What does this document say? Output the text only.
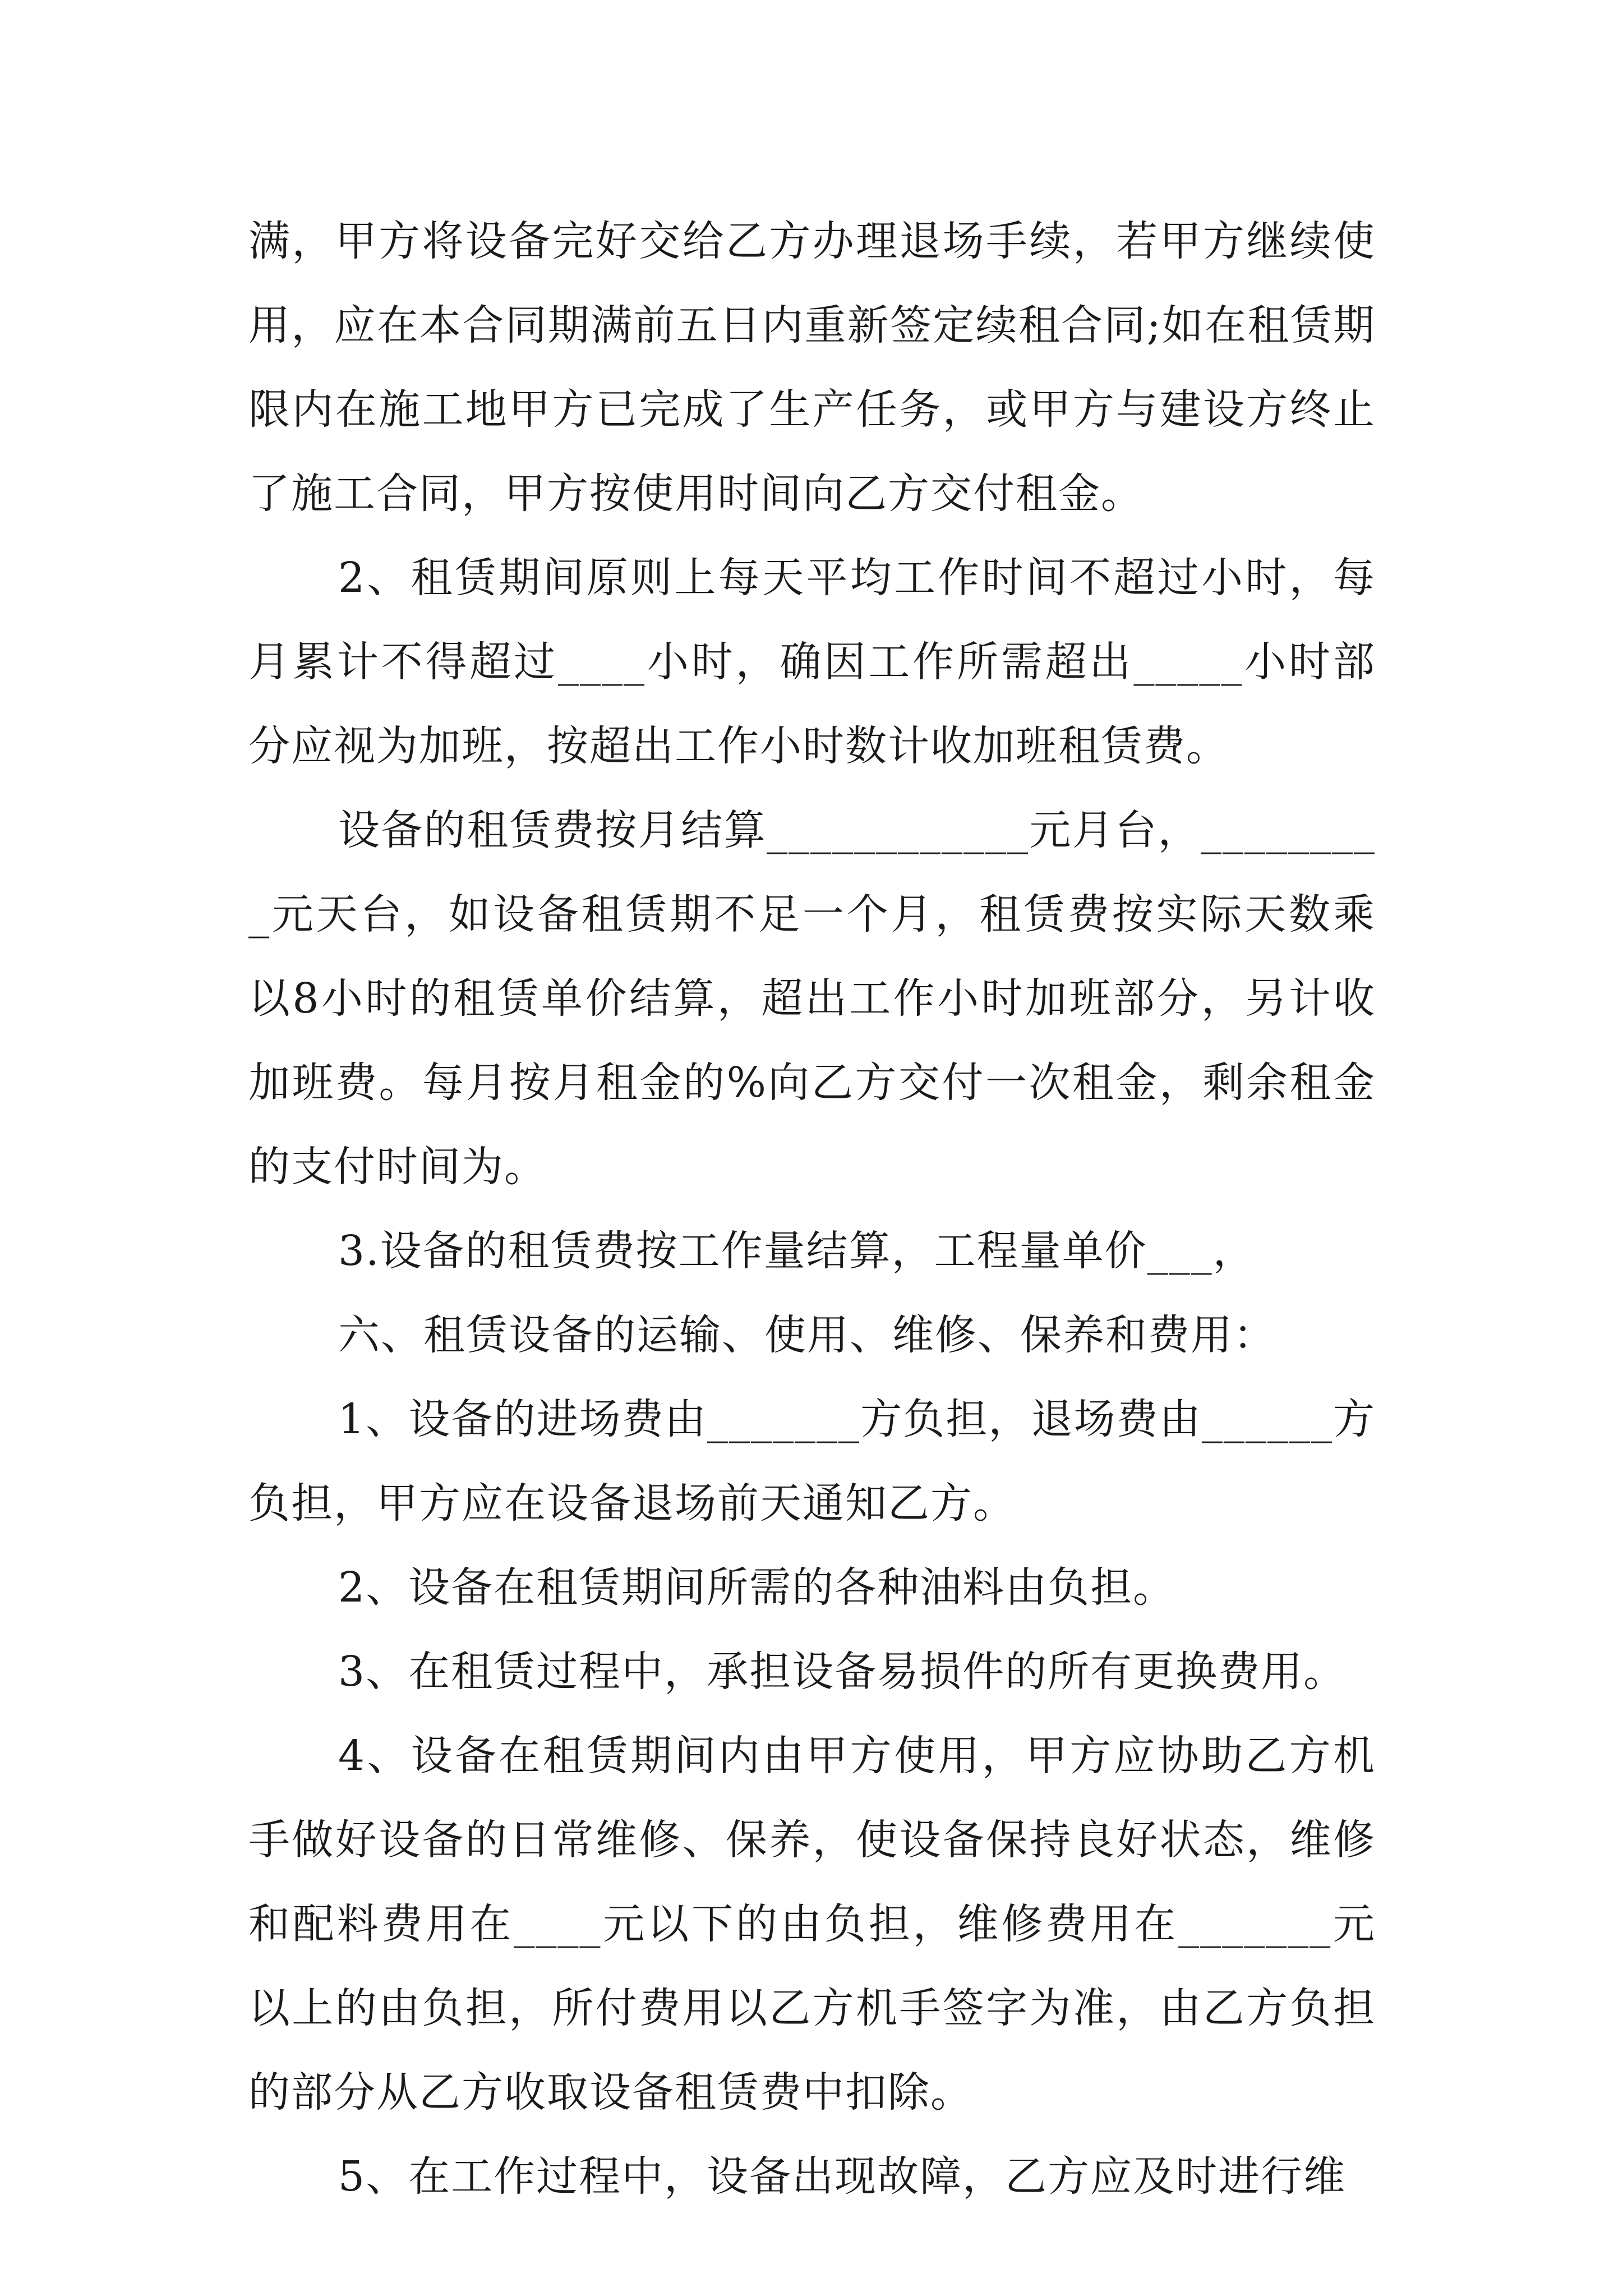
满，甲方将设备完好交给乙方办理退场手续，若甲方继续使用，应在本合同期满前五日内重新签定续租合同;如在租赁期限内在施工地甲方已完成了生产任务，或甲方与建设方终止了施工合同，甲方按使用时间向乙方交付租金。

2、租赁期间原则上每天平均工作时间不超过小时，每月累计不得超过____小时，确因工作所需超出_____小时部分应视为加班，按超出工作小时数计收加班租赁费。

设备的租赁费按月结算____________元月台，_________元天台，如设备租赁期不足一个月，租赁费按实际天数乘以8小时的租赁单价结算，超出工作小时加班部分，另计收加班费。每月按月租金的%向乙方交付一次租金，剩余租金的支付时间为。

3.设备的租赁费按工作量结算，工程量单价___，

六、租赁设备的运输、使用、维修、保养和费用：

1、设备的进场费由_______方负担，退场费由______方负担，甲方应在设备退场前天通知乙方。

2、设备在租赁期间所需的各种油料由负担。

3、在租赁过程中，承担设备易损件的所有更换费用。

4、设备在租赁期间内由甲方使用，甲方应协助乙方机手做好设备的日常维修、保养，使设备保持良好状态，维修和配料费用在____元以下的由负担，维修费用在_______元以上的由负担，所付费用以乙方机手签字为准，由乙方负担的部分从乙方收取设备租赁费中扣除。

5、在工作过程中，设备出现故障，乙方应及时进行维
